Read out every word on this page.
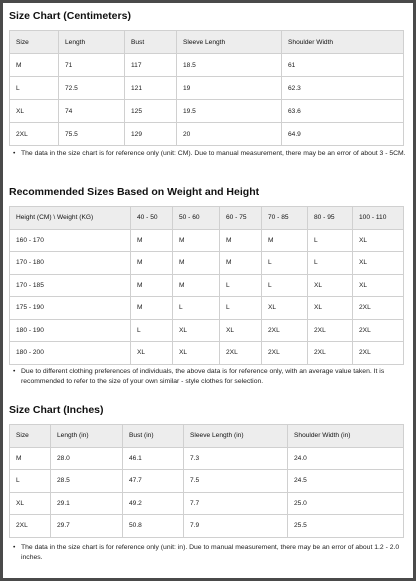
Size Chart (Centimeters)
Size	Length	Bust	Sleeve Length	Shoulder Width
M	71	117	18.5	61
L	72.5	121	19	62.3
XL	74	125	19.5	63.6
2XL	75.5	129	20	64.9

• The data in the size chart is for reference only (unit: CM). Due to manual measurement, there may be an error of about 3 - 5CM.

Recommended Sizes Based on Weight and Height
Height (CM) \ Weight (KG)	40 - 50	50 - 60	60 - 75	70 - 85	80 - 95	100 - 110
160 - 170	M	M	M	M	L	XL
170 - 180	M	M	M	L	L	XL
170 - 185	M	M	L	L	XL	XL
175 - 190	M	L	L	XL	XL	2XL
180 - 190	L	XL	XL	2XL	2XL	2XL
180 - 200	XL	XL	2XL	2XL	2XL	2XL

• Due to different clothing preferences of individuals, the above data is for reference only, with an average value taken. It is recommended to refer to the size of your own similar - style clothes for selection.

Size Chart (Inches)
Size	Length (in)	Bust (in)	Sleeve Length (in)	Shoulder Width (in)
M	28.0	46.1	7.3	24.0
L	28.5	47.7	7.5	24.5
XL	29.1	49.2	7.7	25.0
2XL	29.7	50.8	7.9	25.5

• The data in the size chart is for reference only (unit: in). Due to manual measurement, there may be an error of about 1.2 - 2.0 inches.
